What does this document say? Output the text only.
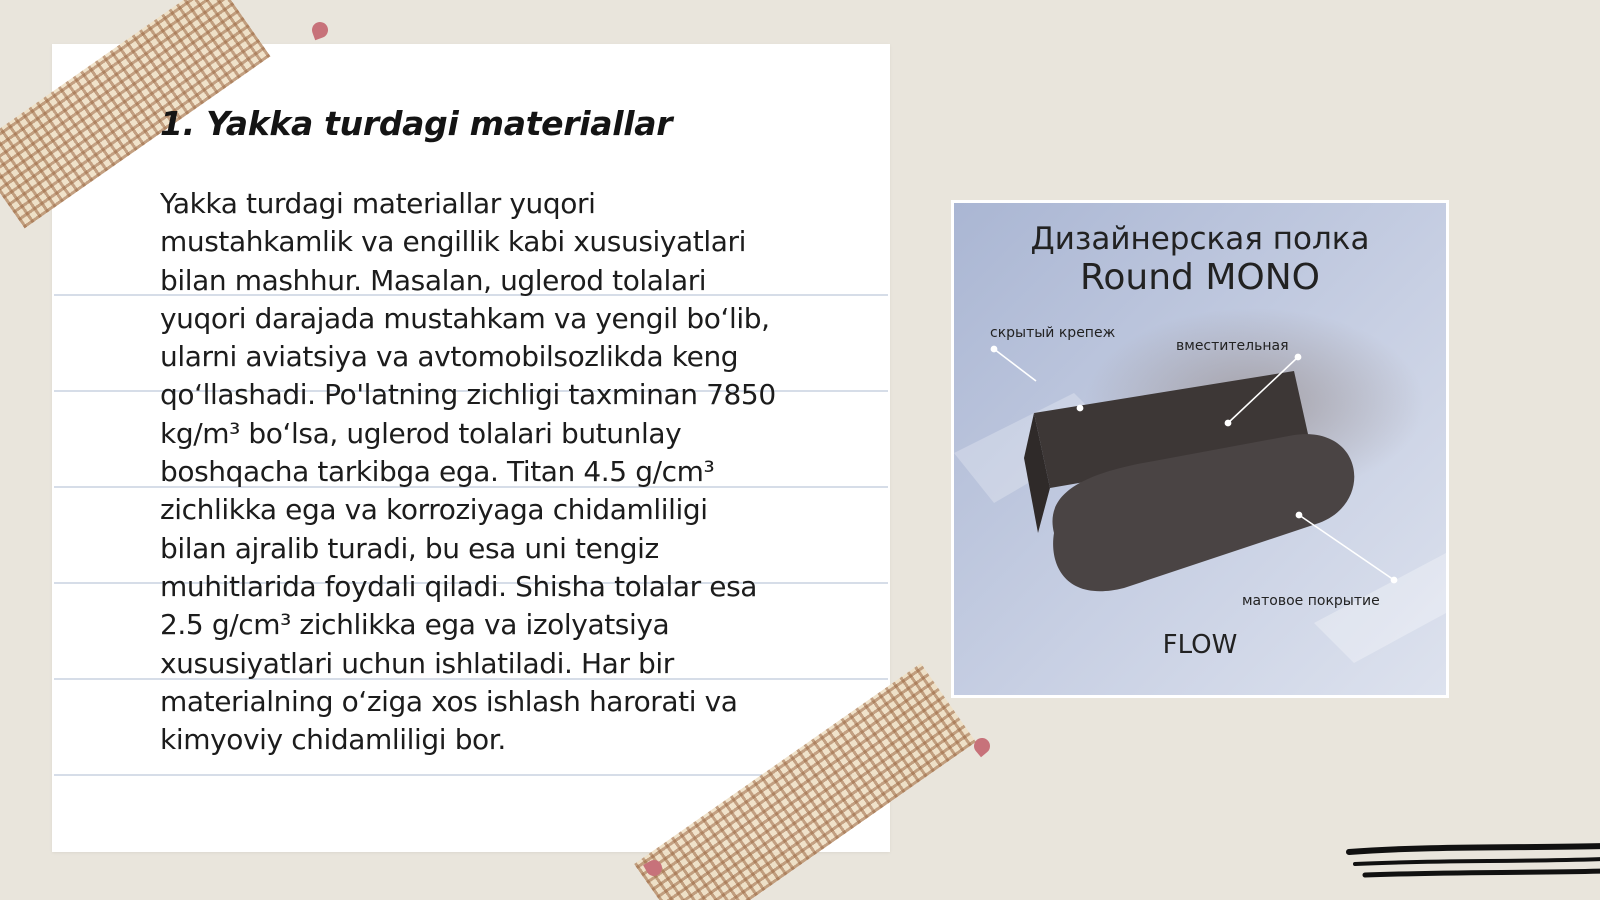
1. Yakka turdagi materiallar
Yakka turdagi materiallar yuqori
mustahkamlik va engillik kabi xususiyatlari
bilan mashhur. Masalan, uglerod tolalari
yuqori darajada mustahkam va yengil bo‘lib,
ularni aviatsiya va avtomobilsozlikda keng
qo‘llashadi. Po'latning zichligi taxminan 7850
kg/m³ bo‘lsa, uglerod tolalari butunlay
boshqacha tarkibga ega. Titan 4.5 g/cm³
zichlikka ega va korroziyaga chidamliligi
bilan ajralib turadi, bu esa uni tengiz
muhitlarida foydali qiladi. Shisha tolalar esa
2.5 g/cm³ zichlikka ega va izolyatsiya
xususiyatlari uchun ishlatiladi. Har bir
materialning o‘ziga xos ishlash harorati va
kimyoviy chidamliligi bor.
Дизайнерская полка
Round MONO
скрытый крепеж
вместительная
матовое покрытие
FLOW
